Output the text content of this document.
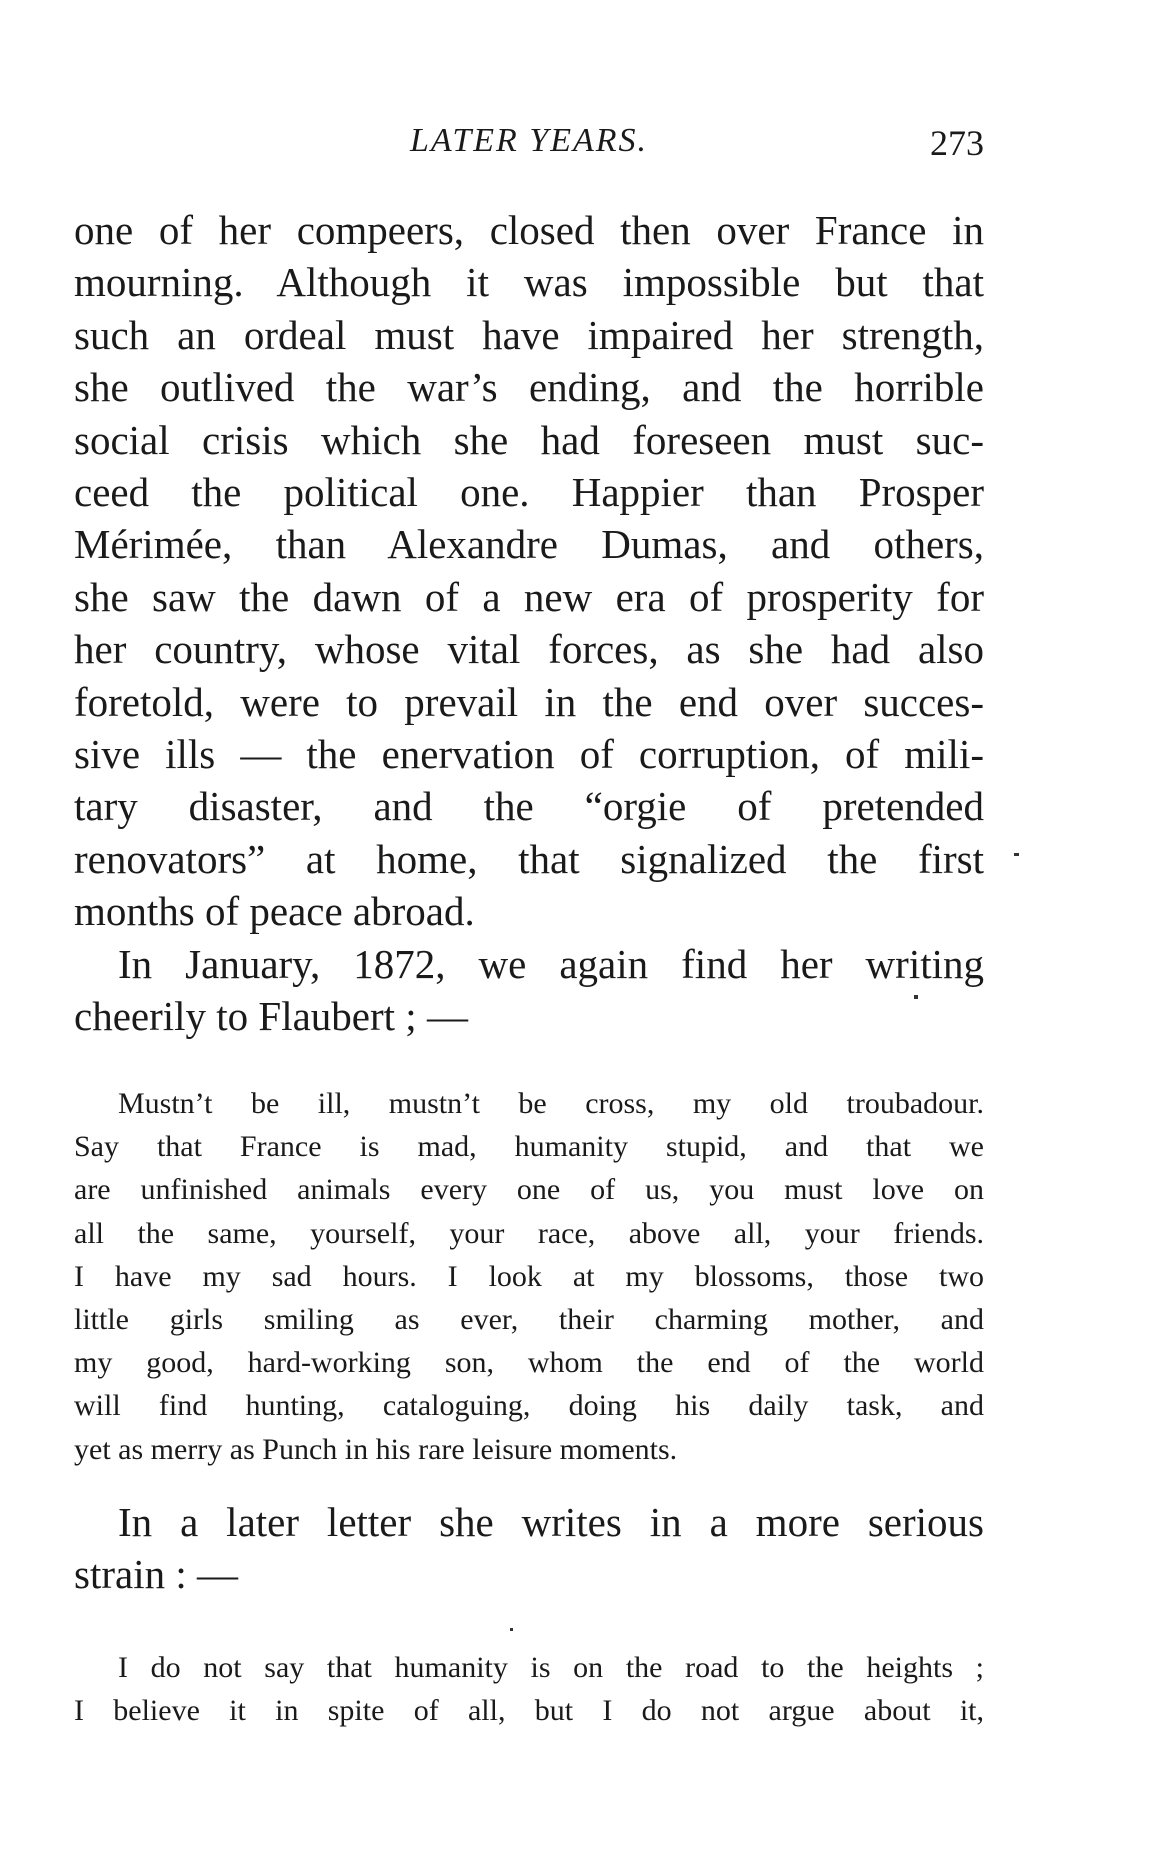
LATER YEARS.	273
one of her compeers, closed then over France in
mourning. Although it was impossible but that
such an ordeal must have impaired her strength,
she outlived the war’s ending, and the horrible
social crisis which she had foreseen must suc-
ceed the political one. Happier than Prosper
Mérimée, than Alexandre Dumas, and others,
she saw the dawn of a new era of prosperity for
her country, whose vital forces, as she had also
foretold, were to prevail in the end over succes-
sive ills — the enervation of corruption, of mili-
tary disaster, and the “orgie of pretended
renovators” at home, that signalized the first
months of peace abroad.
In January, 1872, we again find her writing
cheerily to Flaubert ; —
Mustn’t be ill, mustn’t be cross, my old troubadour.
Say that France is mad, humanity stupid, and that we
are unfinished animals every one of us, you must love on
all the same, yourself, your race, above all, your friends.
I have my sad hours. I look at my blossoms, those two
little girls smiling as ever, their charming mother, and
my good, hard-working son, whom the end of the world
will find hunting, cataloguing, doing his daily task, and
yet as merry as Punch in his rare leisure moments.
In a later letter she writes in a more serious
strain : —
I do not say that humanity is on the road to the heights ;
I believe it in spite of all, but I do not argue about it,
